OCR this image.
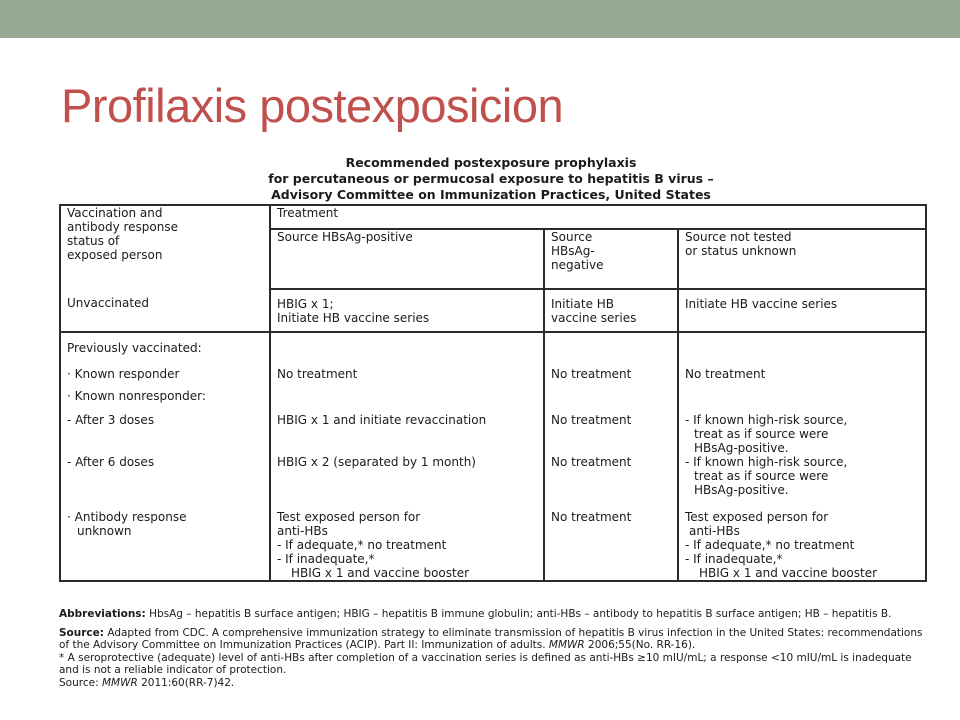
Profilaxis postexposicion
Recommended postexposure prophylaxis
for percutaneous or permucosal exposure to hepatitis B virus –
Advisory Committee on Immunization Practices, United States
Vaccination and
antibody response
status of
exposed person	Treatment		

	Source HBsAg-positive	Source
HBsAg-
negative	Source not tested
or status unknown

Unvaccinated	HBIG x 1;
Initiate HB vaccine series	Initiate HB
vaccine series	Initiate HB vaccine series

Previously vaccinated:			

· Known responder	No treatment	No treatment	No treatment

· Known nonresponder:			

- After 3 doses	HBIG x 1 and initiate revaccination	No treatment	- If known high-risk source,
treat as if source were
HBsAg-positive.

- After 6 doses	HBIG x 2 (separated by 1 month)	No treatment	- If known high-risk source,
treat as if source were
HBsAg-positive.

· Antibody response
unknown	Test exposed person for
anti-HBs
- If adequate,* no treatment
- If inadequate,*
HBIG x 1 and vaccine booster	No treatment	Test exposed person for
anti-HBs
- If adequate,* no treatment
- If inadequate,*
HBIG x 1 and vaccine booster

Abbreviations: HbsAg – hepatitis B surface antigen; HBIG – hepatitis B immune globulin; anti-HBs – antibody to hepatitis B surface antigen; HB – hepatitis B.

Source: Adapted from CDC. A comprehensive immunization strategy to eliminate transmission of hepatitis B virus infection in the United States: recommendations of the Advisory Committee on Immunization Practices (ACIP). Part II: Immunization of adults. MMWR 2006;55(No. RR-16).
* A seroprotective (adequate) level of anti-HBs after completion of a vaccination series is defined as anti-HBs ≥10 mIU/mL; a response <10 mIU/mL is inadequate and is not a reliable indicator of protection.
Source: MMWR 2011:60(RR-7)42.
